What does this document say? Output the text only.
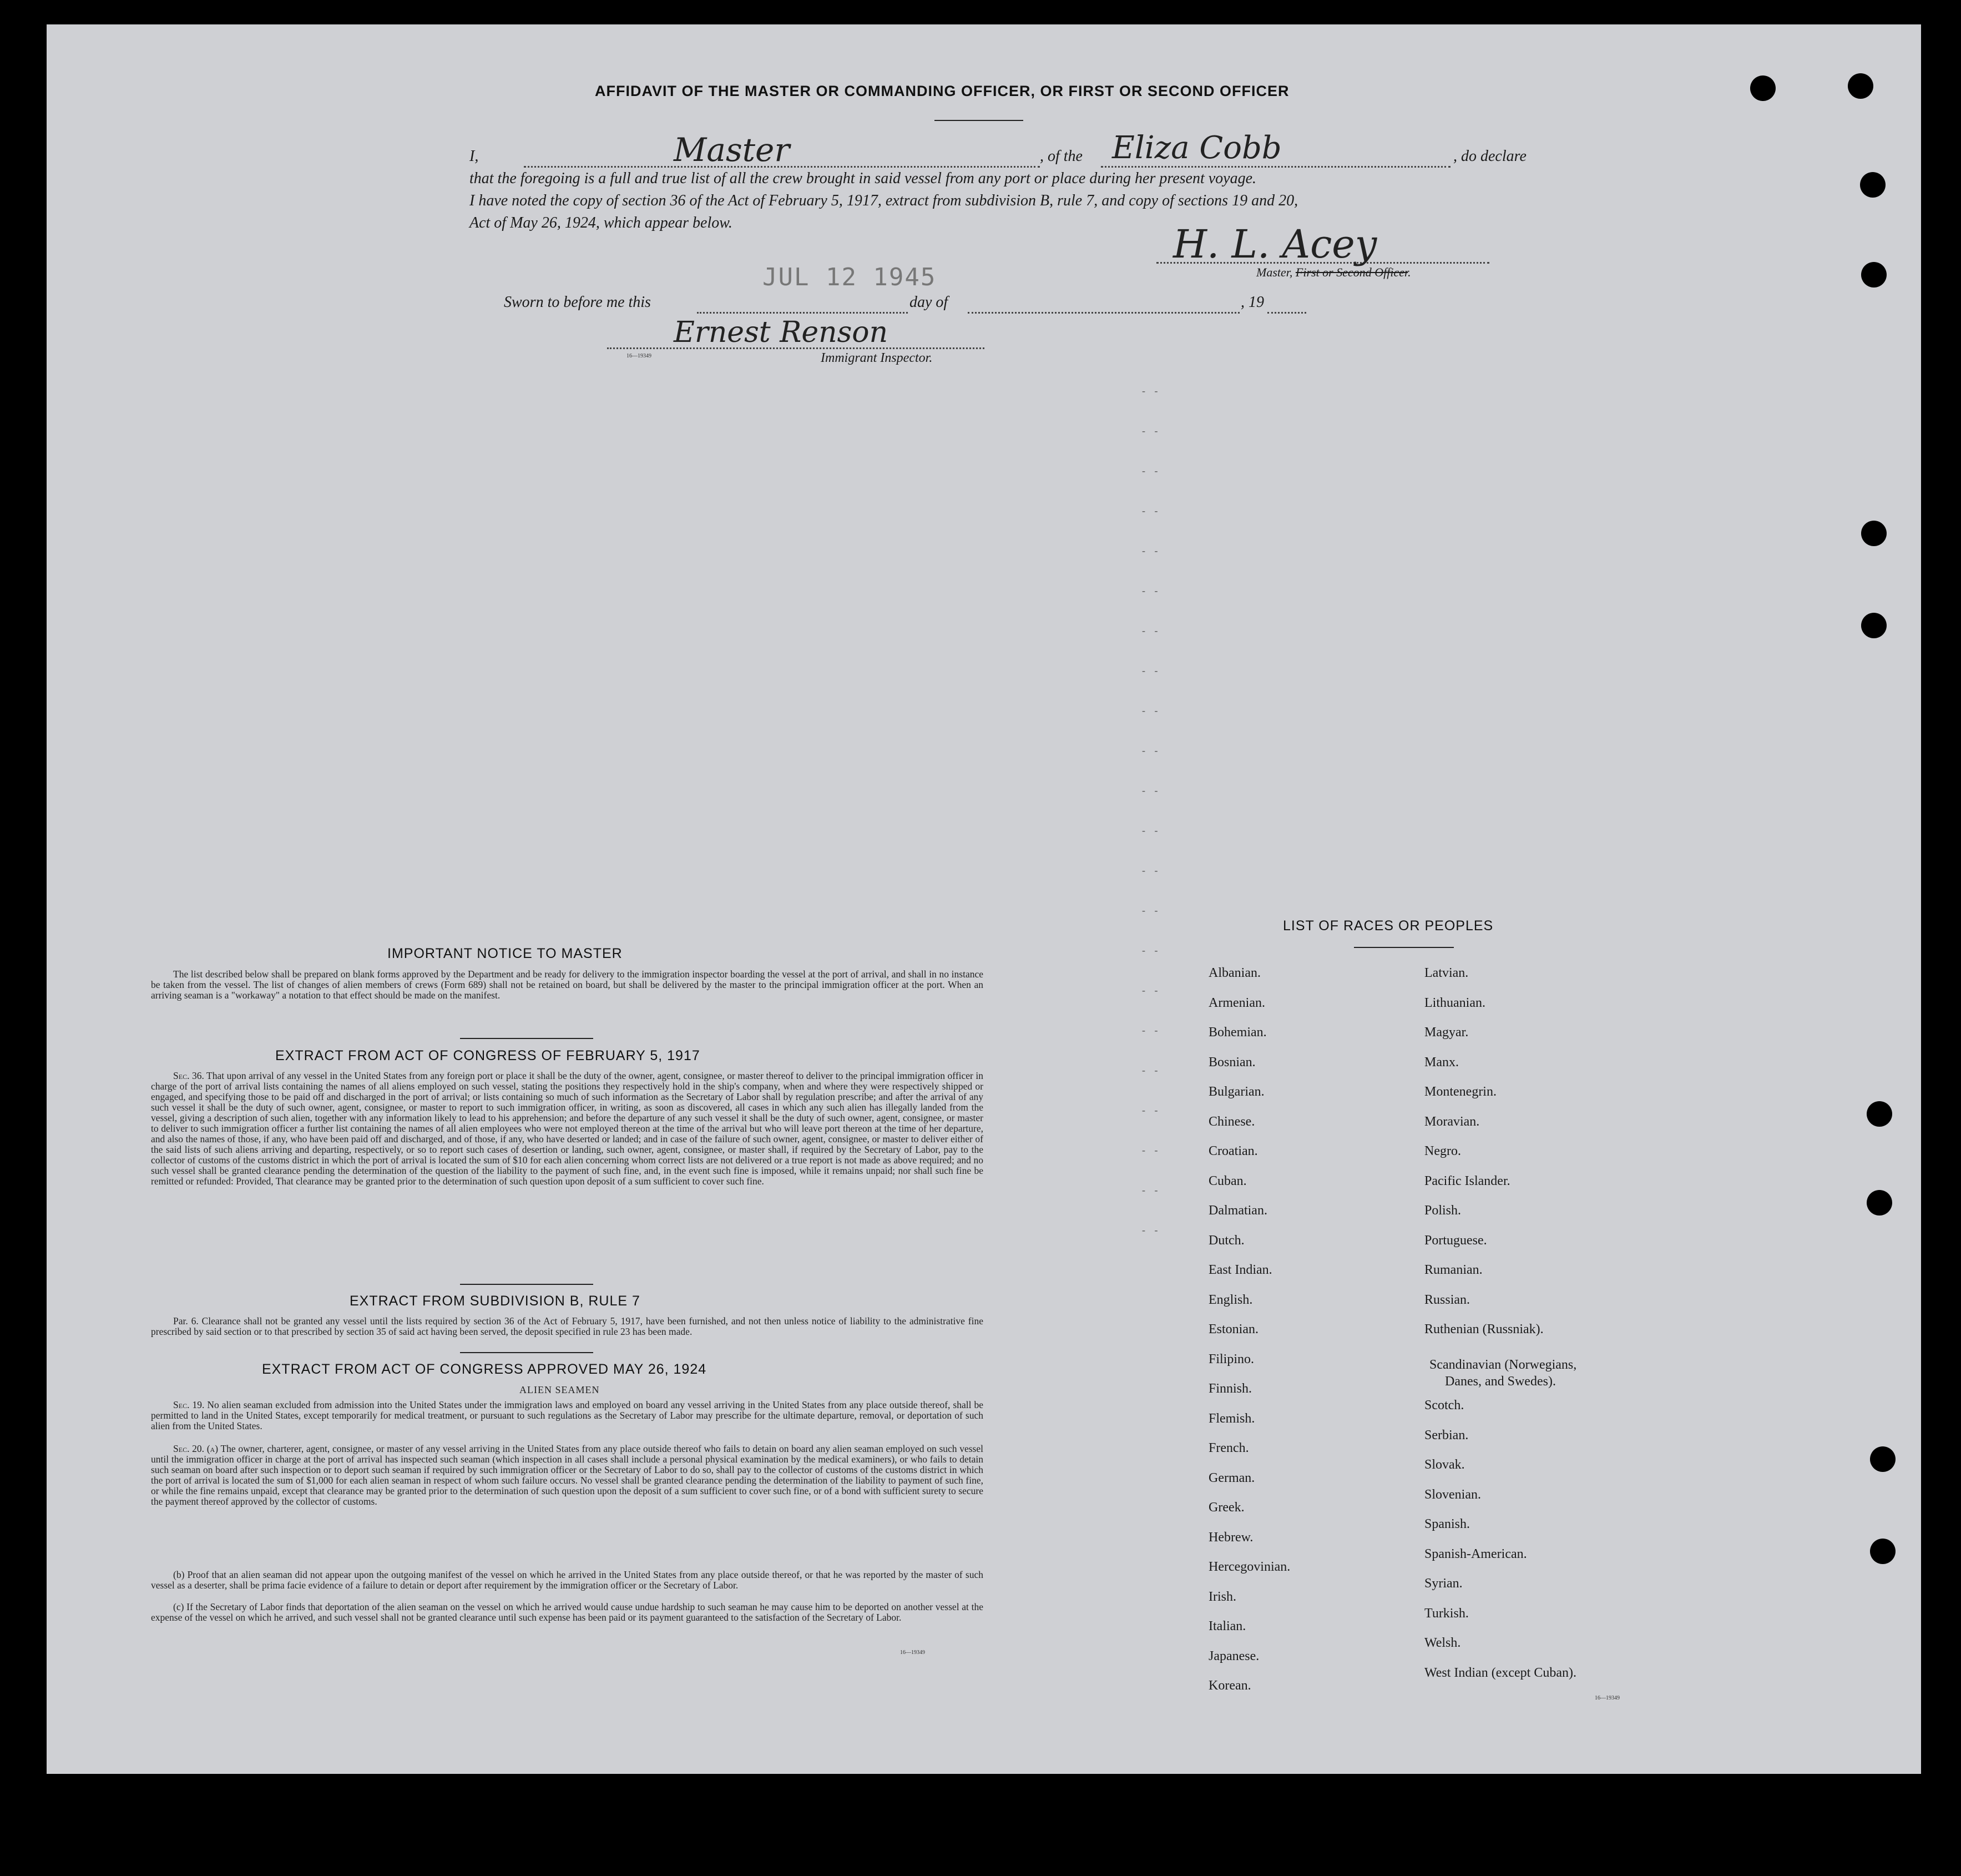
AFFIDAVIT OF THE MASTER OR COMMANDING OFFICER, OR FIRST OR SECOND OFFICER
I,	Master	, of the Eliza Cobb	, do declare
that the foregoing is a full and true list of all the crew brought in said vessel from any port or place during her present voyage.
I have noted the copy of section 36 of the Act of February 5, 1917, extract from subdivision B, rule 7, and copy of sections 19 and 20,
Act of May 26, 1924, which appear below.	H. L. Acey
Master, First or Second Officer.
Sworn to before me this
JUL 12 1945
day of	, 19
Ernest Renson
16—19349	Immigrant Inspector.
- -
- -
- -
- -
- -
- -
- -
- -
- -
- -
- -
- -
- -
- -
- -
- -
- -
- -
- -
- -
- -
- -
IMPORTANT NOTICE TO MASTER
The list described below shall be prepared on blank forms approved by the Department and be ready for delivery to the immigration inspector boarding the vessel at the port of arrival, and shall in no instance be taken from the vessel. The list of changes of alien members of crews (Form 689) shall not be retained on board, but shall be delivered by the master to the principal immigration officer at the port. When an arriving seaman is a "workaway" a notation to that effect should be made on the manifest.
EXTRACT FROM ACT OF CONGRESS OF FEBRUARY 5, 1917
Sec. 36. That upon arrival of any vessel in the United States from any foreign port or place it shall be the duty of the owner, agent, consignee, or master thereof to deliver to the principal immigration officer in charge of the port of arrival lists containing the names of all aliens employed on such vessel, stating the positions they respectively hold in the ship's company, when and where they were respectively shipped or engaged, and specifying those to be paid off and discharged in the port of arrival; or lists containing so much of such information as the Secretary of Labor shall by regulation prescribe; and after the arrival of any such vessel it shall be the duty of such owner, agent, consignee, or master to report to such immigration officer, in writing, as soon as discovered, all cases in which any such alien has illegally landed from the vessel, giving a description of such alien, together with any information likely to lead to his apprehension; and before the departure of any such vessel it shall be the duty of such owner, agent, consignee, or master to deliver to such immigration officer a further list containing the names of all alien employees who were not employed thereon at the time of the arrival but who will leave port thereon at the time of her departure, and also the names of those, if any, who have been paid off and discharged, and of those, if any, who have deserted or landed; and in case of the failure of such owner, agent, consignee, or master to deliver either of the said lists of such aliens arriving and departing, respectively, or so to report such cases of desertion or landing, such owner, agent, consignee, or master shall, if required by the Secretary of Labor, pay to the collector of customs of the customs district in which the port of arrival is located the sum of $10 for each alien concerning whom correct lists are not delivered or a true report is not made as above required; and no such vessel shall be granted clearance pending the determination of the question of the liability to the payment of such fine, and, in the event such fine is imposed, while it remains unpaid; nor shall such fine be remitted or refunded: Provided, That clearance may be granted prior to the determination of such question upon deposit of a sum sufficient to cover such fine.
EXTRACT FROM SUBDIVISION B, RULE 7
Par. 6. Clearance shall not be granted any vessel until the lists required by section 36 of the Act of February 5, 1917, have been furnished, and not then unless notice of liability to the administrative fine prescribed by said section or to that prescribed by section 35 of said act having been served, the deposit specified in rule 23 has been made.
EXTRACT FROM ACT OF CONGRESS APPROVED MAY 26, 1924
ALIEN SEAMEN
Sec. 19. No alien seaman excluded from admission into the United States under the immigration laws and employed on board any vessel arriving in the United States from any place outside thereof, shall be permitted to land in the United States, except temporarily for medical treatment, or pursuant to such regulations as the Secretary of Labor may prescribe for the ultimate departure, removal, or deportation of such alien from the United States.
Sec. 20. (a) The owner, charterer, agent, consignee, or master of any vessel arriving in the United States from any place outside thereof who fails to detain on board any alien seaman employed on such vessel until the immigration officer in charge at the port of arrival has inspected such seaman (which inspection in all cases shall include a personal physical examination by the medical examiners), or who fails to detain such seaman on board after such inspection or to deport such seaman if required by such immigration officer or the Secretary of Labor to do so, shall pay to the collector of customs of the customs district in which the port of arrival is located the sum of $1,000 for each alien seaman in respect of whom such failure occurs. No vessel shall be granted clearance pending the determination of the liability to payment of such fine, or while the fine remains unpaid, except that clearance may be granted prior to the determination of such question upon the deposit of a sum sufficient to cover such fine, or of a bond with sufficient surety to secure the payment thereof approved by the collector of customs.
(b) Proof that an alien seaman did not appear upon the outgoing manifest of the vessel on which he arrived in the United States from any place outside thereof, or that he was reported by the master of such vessel as a deserter, shall be prima facie evidence of a failure to detain or deport after requirement by the immigration officer or the Secretary of Labor.
(c) If the Secretary of Labor finds that deportation of the alien seaman on the vessel on which he arrived would cause undue hardship to such seaman he may cause him to be deported on another vessel at the expense of the vessel on which he arrived, and such vessel shall not be granted clearance until such expense has been paid or its payment guaranteed to the satisfaction of the Secretary of Labor.
16—19349
LIST OF RACES OR PEOPLES
16—19349
Albanian.
Armenian.
Bohemian.
Bosnian.
Bulgarian.
Chinese.
Croatian.
Cuban.
Dalmatian.
Dutch.
East Indian.
English.
Estonian.
Filipino.
Finnish.
Flemish.
French.
German.
Greek.
Hebrew.
Hercegovinian.
Irish.
Italian.
Japanese.
Korean.
Latvian.
Lithuanian.
Magyar.
Manx.
Montenegrin.
Moravian.
Negro.
Pacific Islander.
Polish.
Portuguese.
Rumanian.
Russian.
Ruthenian (Russniak).
Scandinavian (Norwegians,
Danes, and Swedes).
Scotch.
Serbian.
Slovak.
Slovenian.
Spanish.
Spanish-American.
Syrian.
Turkish.
Welsh.
West Indian (except Cuban).
